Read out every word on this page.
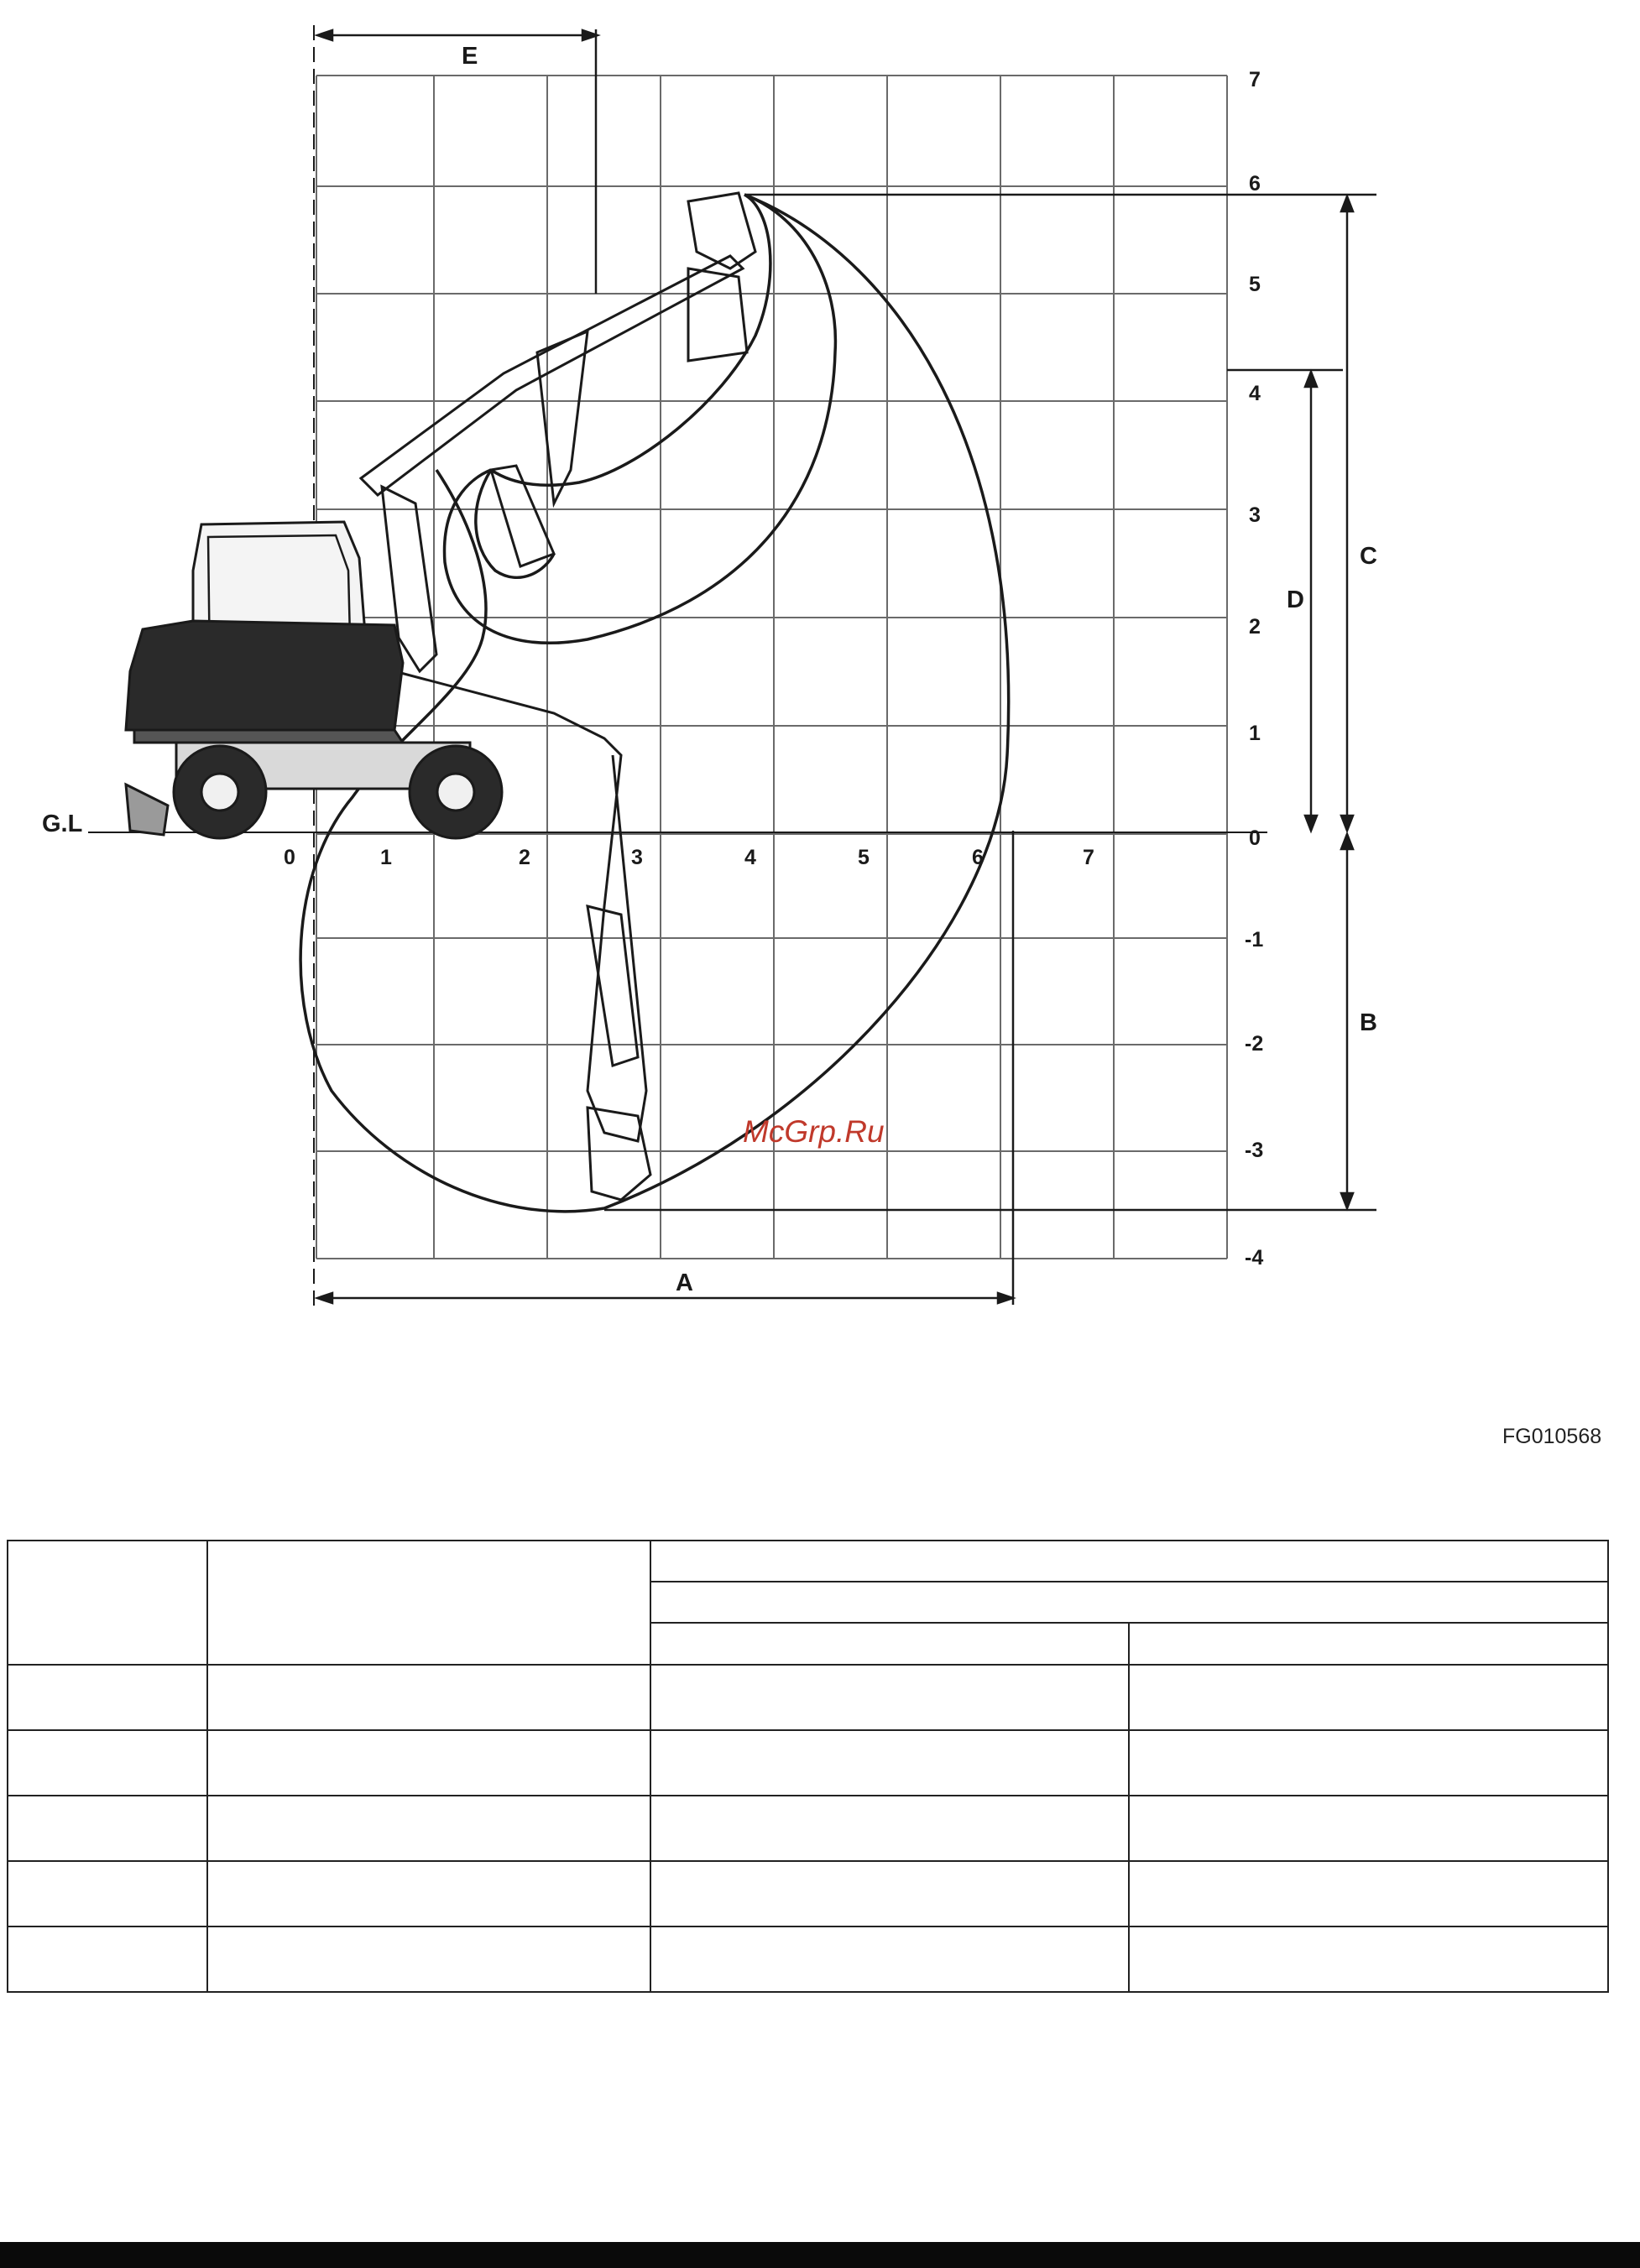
0	1	2	3	4	5	6	7
7
6
5
4
3
2
1
0
-1
-2
-3
-4
E
C
D
B
A
G.L
McGrp.Ru
FG010568
